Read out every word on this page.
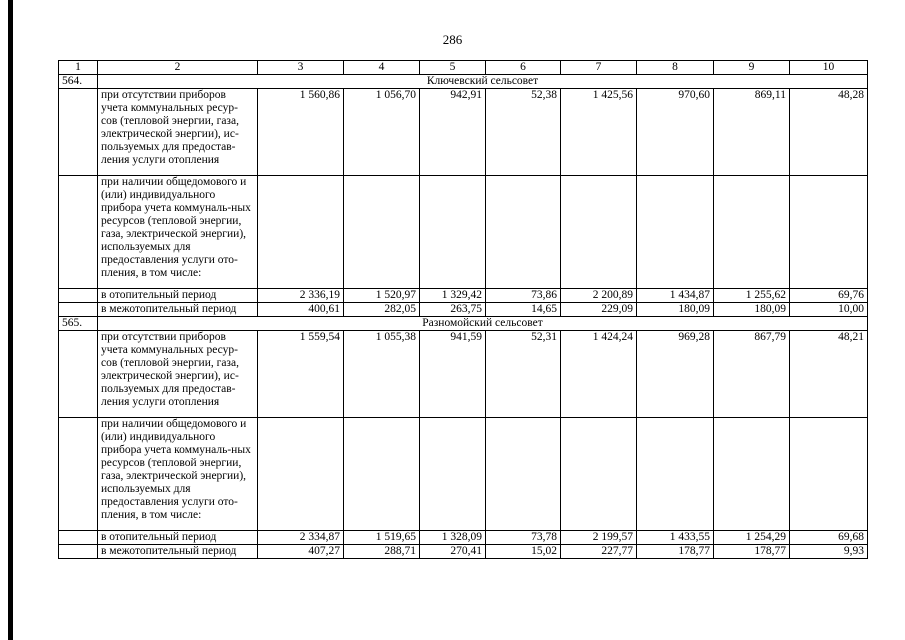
286
1	2	3	4	5	6	7	8	9	10
564.	Ключевский сельсовет								
	при отсутствии приборов учета коммунальных ресур-сов (тепловой энергии, газа, электрической энергии), ис-пользуемых для предостав-ления услуги отопления	1 560,86	1 056,70	942,91	52,38	1 425,56	970,60	869,11	48,28
	при наличии общедомового и (или) индивидуального прибора учета коммуналь-ных ресурсов (тепловой энергии, газа, электрической энергии), используемых для предоставления услуги ото-пления, в том числе:								
	в отопительный период	2 336,19	1 520,97	1 329,42	73,86	2 200,89	1 434,87	1 255,62	69,76
	в межотопительный период	400,61	282,05	263,75	14,65	229,09	180,09	180,09	10,00
565.	Разномойский сельсовет								
	при отсутствии приборов учета коммунальных ресур-сов (тепловой энергии, газа, электрической энергии), ис-пользуемых для предостав-ления услуги отопления	1 559,54	1 055,38	941,59	52,31	1 424,24	969,28	867,79	48,21
	при наличии общедомового и (или) индивидуального прибора учета коммуналь-ных ресурсов (тепловой энергии, газа, электрической энергии), используемых для предоставления услуги ото-пления, в том числе:								
	в отопительный период	2 334,87	1 519,65	1 328,09	73,78	2 199,57	1 433,55	1 254,29	69,68
	в межотопительный период	407,27	288,71	270,41	15,02	227,77	178,77	178,77	9,93
